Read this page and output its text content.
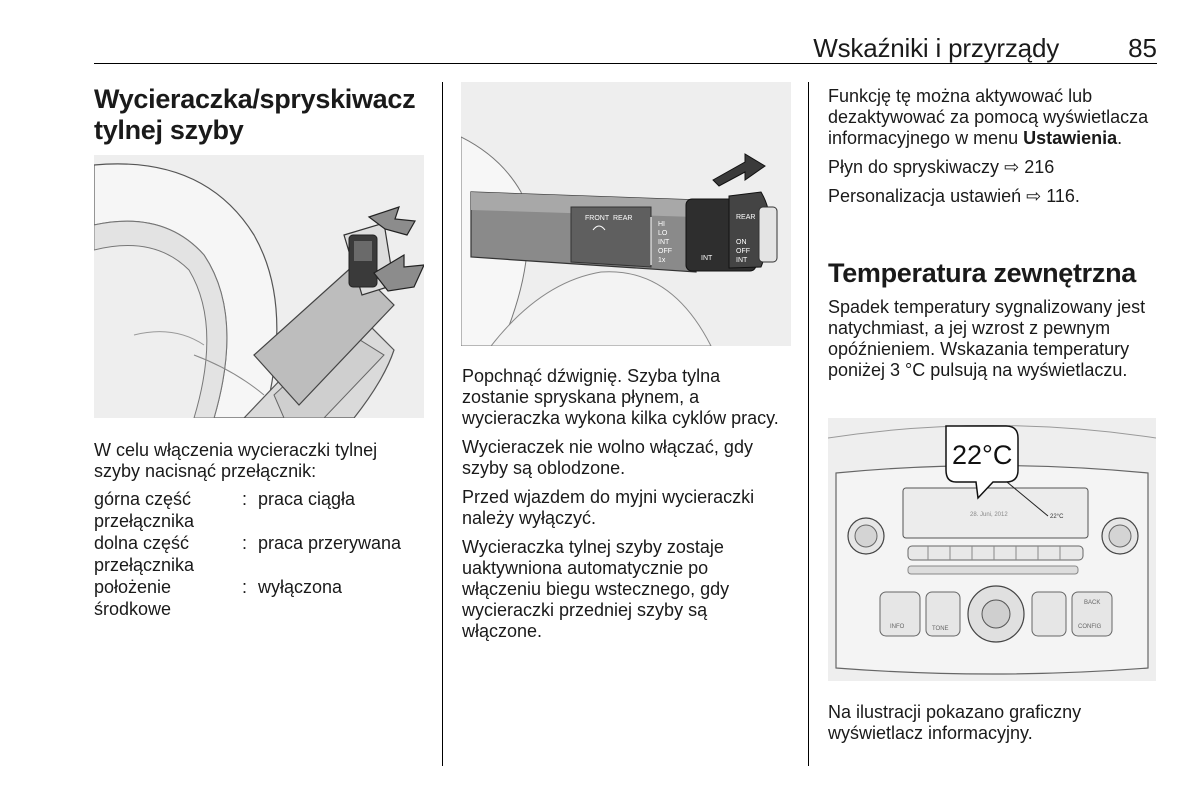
Wskaźniki i przyrządy	85
Wycieraczka/spryskiwacz
tylnej szyby

W celu włączenia wycieraczki tylnej szyby nacisnąć przełącznik:

górna część przełącznika	:	praca ciągła
dolna część przełącznika	:	praca przerywana
położenie środkowe	:	wyłączona
FRONT REAR
HI
LO
INT
OFF
1x	INT
REAR
ON
OFF
INT

Popchnąć dźwignię. Szyba tylna zostanie spryskana płynem, a wycieraczka wykona kilka cyklów pracy.

Wycieraczek nie wolno włączać, gdy szyby są oblodzone.

Przed wjazdem do myjni wycieraczki należy wyłączyć.

Wycieraczka tylnej szyby zostaje uaktywniona automatycznie po włączeniu biegu wstecznego, gdy wycieraczki przedniej szyby są włączone.

Funkcję tę można aktywować lub dezaktywować za pomocą wyświetlacza informacyjnego w menu Ustawienia.

Płyn do spryskiwaczy ⇨ 216

Personalizacja ustawień ⇨ 116.

Temperatura zewnętrzna

Spadek temperatury sygnalizowany jest natychmiast, a jej wzrost z pewnym opóźnieniem. Wskazania temperatury poniżej 3 °C pulsują na wyświetlaczu.

28. Juni, 2012	22°C
INFO	TONE
BACK
CONFIG
22°C

Na ilustracji pokazano graficzny wyświetlacz informacyjny.
